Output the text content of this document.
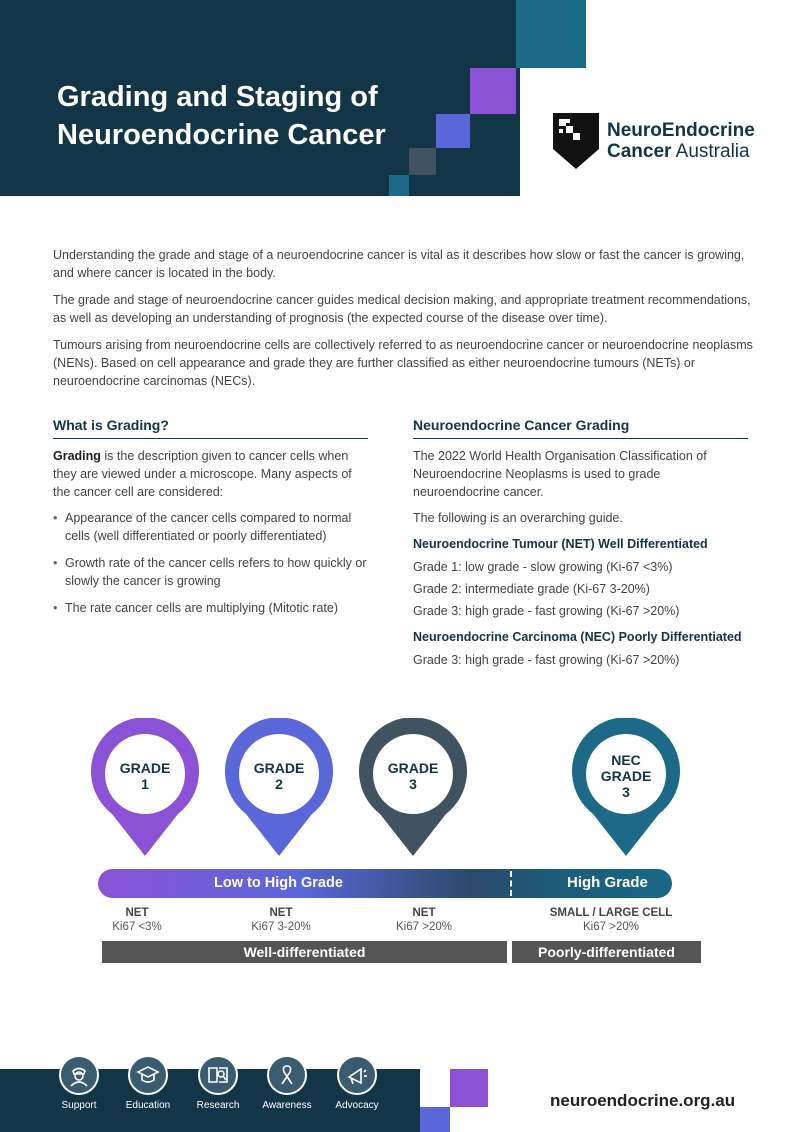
Grading and Staging of Neuroendocrine Cancer	NeuroEndocrine
Cancer Australia

Understanding the grade and stage of a neuroendocrine cancer is vital as it describes how slow or fast the cancer is growing, and where cancer is located in the body.

The grade and stage of neuroendocrine cancer guides medical decision making, and appropriate treatment recommendations, as well as developing an understanding of prognosis (the expected course of the disease over time).

Tumours arising from neuroendocrine cells are collectively referred to as neuroendocrine cancer or neuroendocrine neoplasms (NENs). Based on cell appearance and grade they are further classified as either neuroendocrine tumours (NETs) or neuroendocrine carcinomas (NECs).

What is Grading?

Grading is the description given to cancer cells when they are viewed under a microscope. Many aspects of the cancer cell are considered:

• Appearance of the cancer cells compared to normal cells (well differentiated or poorly differentiated)
• Growth rate of the cancer cells refers to how quickly or slowly the cancer is growing
• The rate cancer cells are multiplying (Mitotic rate)
Neuroendocrine Cancer Grading

The 2022 World Health Organisation Classification of Neuroendocrine Neoplasms is used to grade neuroendocrine cancer.

The following is an overarching guide.

Neuroendocrine Tumour (NET) Well Differentiated
Grade 1: low grade - slow growing (Ki-67 <3%)
Grade 2: intermediate grade (Ki-67 3-20%)
Grade 3: high grade - fast growing (Ki-67 >20%)
Neuroendocrine Carcinoma (NEC) Poorly Differentiated
Grade 3: high grade - fast growing (Ki-67 >20%)
GRADE
1
GRADE
2
GRADE
3
NEC
GRADE
3
Low to High Grade	High Grade
NET
Ki67 <3%
NET
Ki67 3-20%
NET
Ki67 >20%
SMALL / LARGE CELL
Ki67 >20%
Well-differentiated	Poorly-differentiated
Support	Education	Research	Awareness	Advocacy	neuroendocrine.org.au
